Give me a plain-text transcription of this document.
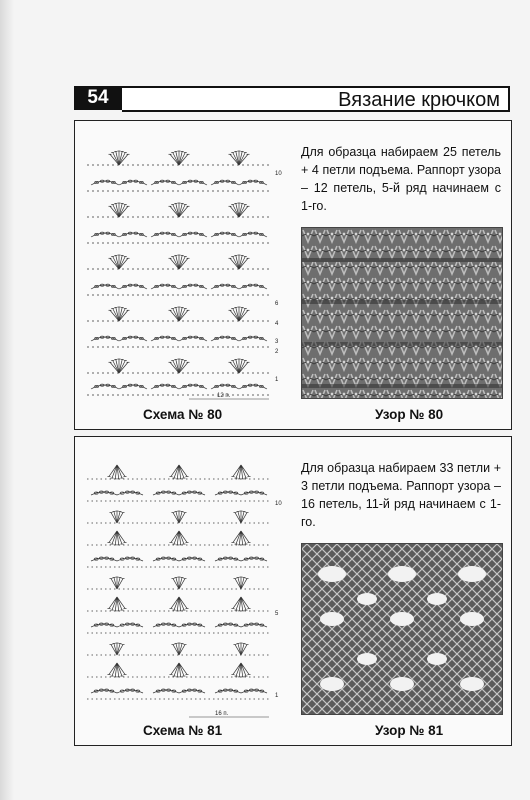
54	Вязание крючком
10
6
4
3
2
1
12 п.
Для образца набираем 25 петель + 4 петли подъема. Раппорт узора – 12 петель, 5-й ряд начинаем с 1-го.
Схема № 80	Узор № 80
10
5
1
16 п.
Для образца набираем 33 петли + 3 петли подъема. Раппорт узора – 16 петель, 11-й ряд начинаем с 1-го.
Схема № 81	Узор № 81
